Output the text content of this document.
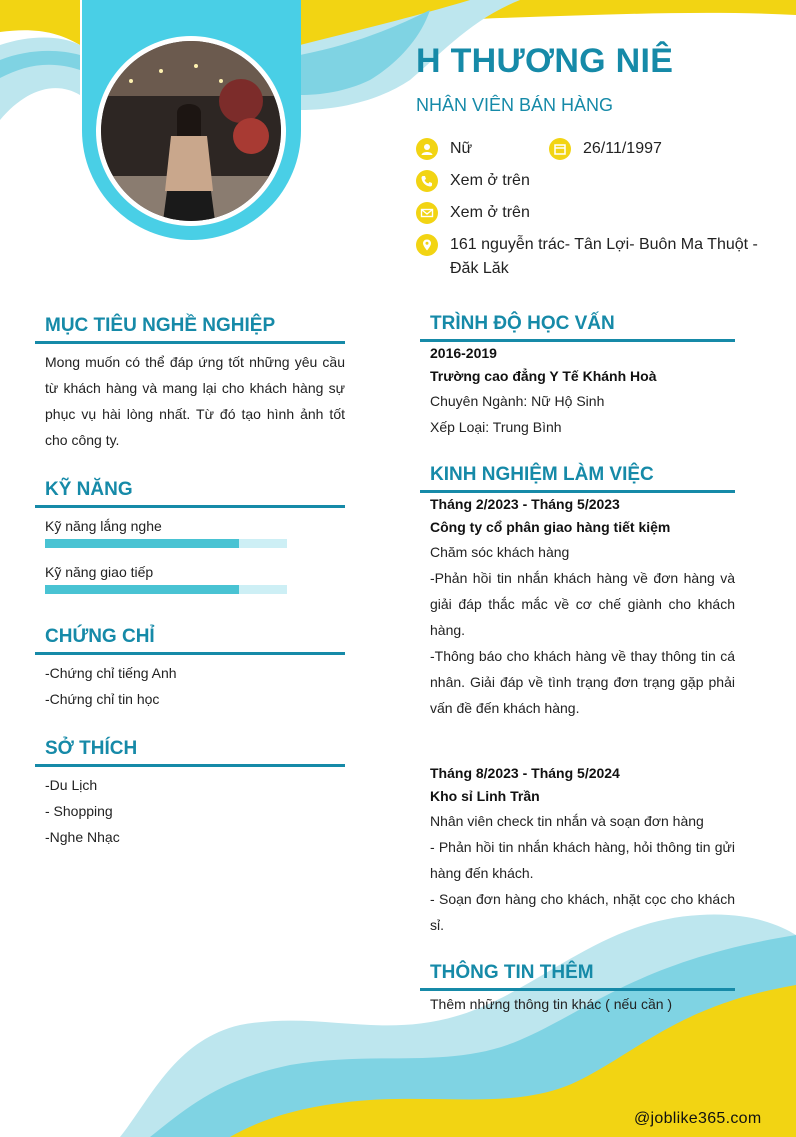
H THƯƠNG NIÊ
NHÂN VIÊN BÁN HÀNG
Nữ	26/11/1997
Xem ở trên
Xem ở trên
161 nguyễn trác- Tân Lợi- Buôn Ma Thuột -
Đăk Lăk
MỤC TIÊU NGHỀ NGHIỆP

Mong muốn có thể đáp ứng tốt những yêu cầu từ khách hàng và mang lại cho khách hàng sự phục vụ hài lòng nhất. Từ đó tạo hình ảnh tốt cho công ty.

KỸ NĂNG
Kỹ năng lắng nghe
Kỹ năng giao tiếp
CHỨNG CHỈ
-Chứng chỉ tiếng Anh
-Chứng chỉ tin học
SỞ THÍCH
-Du Lịch
- Shopping
-Nghe Nhạc
TRÌNH ĐỘ HỌC VẤN
2016-2019
Trường cao đẳng Y Tế Khánh Hoà
Chuyên Ngành: Nữ Hộ Sinh
Xếp Loại: Trung Bình
KINH NGHIỆM LÀM VIỆC
Tháng 2/2023 - Tháng 5/2023
Công ty cổ phân giao hàng tiết kiệm
Chăm sóc khách hàng

-Phản hồi tin nhắn khách hàng về đơn hàng và giải đáp thắc mắc về cơ chế giành cho khách hàng.

-Thông báo cho khách hàng về thay thông tin cá nhân. Giải đáp về tình trạng đơn trạng gặp phải vấn đề đến khách hàng.

Tháng 8/2023 - Tháng 5/2024
Kho sỉ Linh Trần
Nhân viên check tin nhắn và soạn đơn hàng

- Phản hồi tin nhắn khách hàng, hỏi thông tin gửi hàng đến khách.

- Soạn đơn hàng cho khách, nhặt cọc cho khách sỉ.

THÔNG TIN THÊM
Thêm những thông tin khác ( nếu cần )
@joblike365.com
